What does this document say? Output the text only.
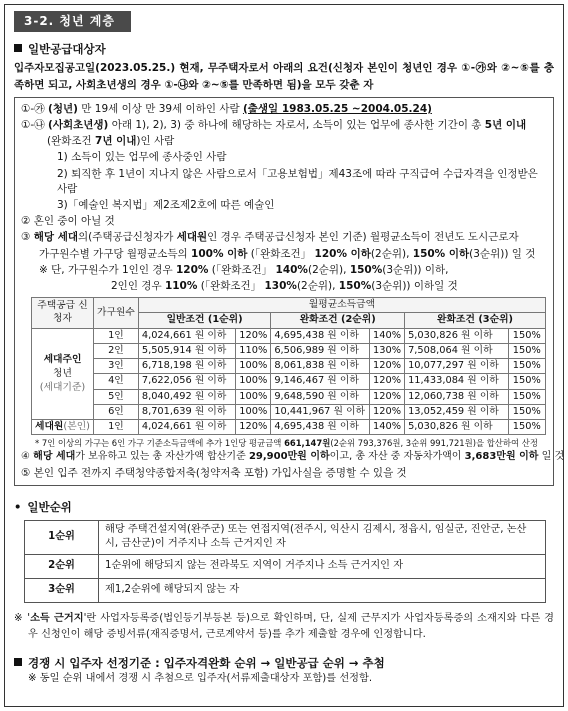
3-2. 청년 계층
일반공급대상자
입주자모집공고일(2023.05.25.) 현재, 무주택자로서 아래의 요건(신청자 본인이 청년인 경우 ①-㉮와 ②~⑤를 충족하면 되고, 사회초년생의 경우 ①-㉯와 ②~⑤를 만족하면 됨)을 모두 갖춘 자

①-㉮ (청년) 만 19세 이상 만 39세 이하인 사람 (출생일 1983.05.25 ~2004.05.24)

①-㉯ (사회초년생) 아래 1), 2), 3) 중 하나에 해당하는 자로서, 소득이 있는 업무에 종사한 기간이 총 5년 이내

(완화조건 7년 이내)인 사람

1) 소득이 있는 업무에 종사중인 사람

2) 퇴직한 후 1년이 지나지 않은 사람으로서「고용보험법」제43조에 따라 구직급여 수급자격을 인정받은 사람

3)「예술인 복지법」제2조제2호에 따른 예술인

② 혼인 중이 아닐 것

③ 해당 세대의(주택공급신청자가 세대원인 경우 주택공급신청자 본인 기준) 월평균소득이 전년도 도시근로자

가구원수별 가구당 월평균소득의 100% 이하 (「완화조건」 120% 이하(2순위), 150% 이하(3순위)) 일 것

※ 단, 가구원수가 1인인 경우 120% (「완화조건」 140%(2순위), 150%(3순위)) 이하,

2인인 경우 110% (「완화조건」 130%(2순위), 150%(3순위)) 이하일 것

주택공급 신청자	가구원수	월평균소득금액					
		일반조건 (1순위)		완화조건 (2순위)		완화조건 (3순위)	
세대주인
청년
(세대기준)	1인	4,024,661 원 이하	120%	4,695,438 원 이하	140%	5,030,826 원 이하	150%
	2인	5,505,914 원 이하	110%	6,506,989 원 이하	130%	7,508,064 원 이하	150%
	3인	6,718,198 원 이하	100%	8,061,838 원 이하	120%	10,077,297 원 이하	150%
	4인	7,622,056 원 이하	100%	9,146,467 원 이하	120%	11,433,084 원 이하	150%
	5인	8,040,492 원 이하	100%	9,648,590 원 이하	120%	12,060,738 원 이하	150%
	6인	8,701,639 원 이하	100%	10,441,967 원 이하	120%	13,052,459 원 이하	150%
세대원(본인)	1인	4,024,661 원 이하	120%	4,695,438 원 이하	140%	5,030,826 원 이하	150%

* 7인 이상의 가구는 6인 가구 기준소득금액에 추가 1인당 평균금액 661,147원(2순위 793,376원, 3순위 991,721원)을 합산하여 산정

④ 해당 세대가 보유하고 있는 총 자산가액 합산기준 29,900만원 이하이고, 총 자산 중 자동차가액이 3,683만원 이하 일 것

⑤ 본인 입주 전까지 주택청약종합저축(청약저축 포함) 가입사실을 증명할 수 있을 것

• 일반순위
1순위	해당 주택건설지역(완주군) 또는 연접지역(전주시, 익산시 김제시, 정읍시, 임실군, 진안군, 논산시, 금산군)이 거주지나 소득 근거지인 자
2순위	1순위에 해당되지 않는 전라북도 지역이 거주지나 소득 근거지인 자
3순위	제1,2순위에 해당되지 않는 자

※ '소득 근거지'란 사업자등록증(법인등기부등본 등)으로 확인하며, 단, 실제 근무지가 사업자등록증의 소재지와 다른 경우 신청인이 해당 증빙서류(재직증명서, 근로계약서 등)를 추가 제출할 경우에 인정합니다.

경쟁 시 입주자 선정기준 : 입주자격완화 순위 → 일반공급 순위 → 추첨

※ 동일 순위 내에서 경쟁 시 추첨으로 입주자(서류제출대상자 포함)를 선정함.
